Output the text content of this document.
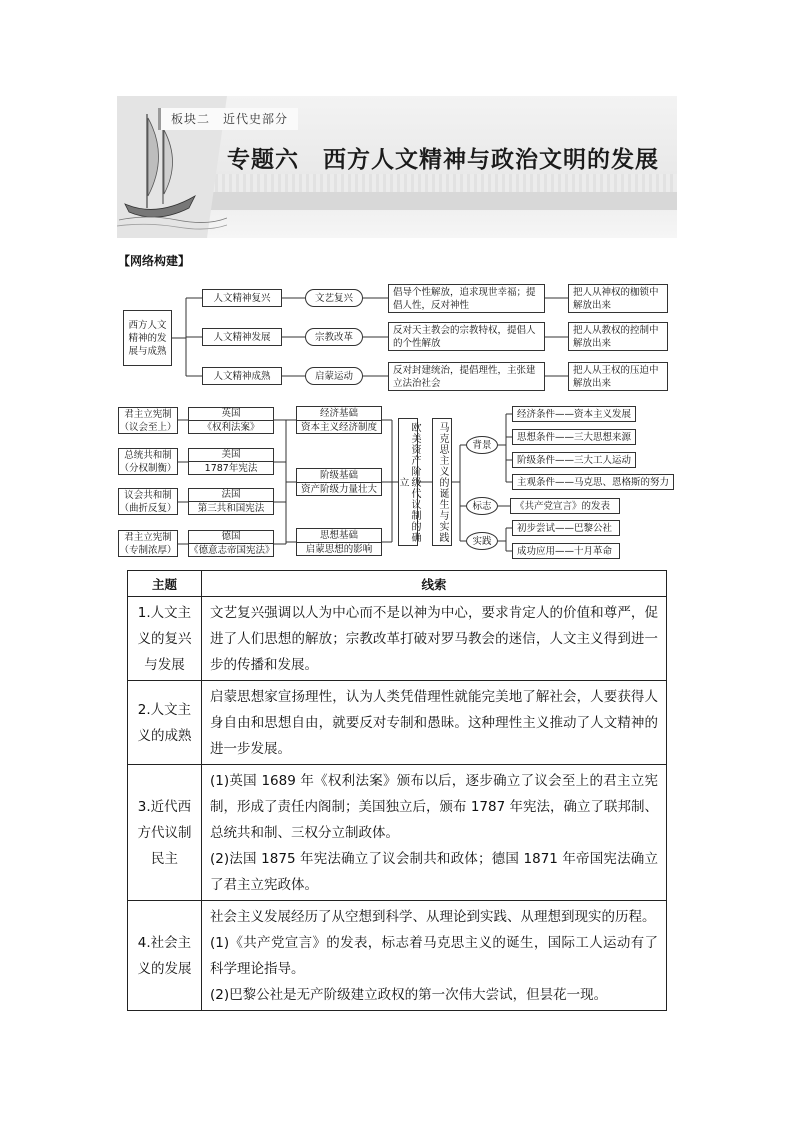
板块二　近代史部分
专题六　西方人文精神与政治文明的发展
【网络构建】
西方人文精神的发展与成熟
人文精神复兴
人文精神发展
人文精神成熟
文艺复兴
宗教改革
启蒙运动
倡导个性解放，追求现世幸福；提倡人性，反对神性
反对天主教会的宗教特权，提倡人的个性解放
反对封建统治，提倡理性，主张建立法治社会
把人从神权的枷锁中解放出来
把人从教权的控制中解放出来
把人从王权的压迫中解放出来
君主立宪制
（议会至上）
总统共和制
（分权制衡）
议会共和制
（曲折反复）
君主立宪制
（专制浓厚）
英国
《权利法案》
美国
1787年宪法
法国
第三共和国宪法
德国
《德意志帝国宪法》
经济基础
资本主义经济制度
阶级基础
资产阶级力量壮大
思想基础
启蒙思想的影响
欧美资产阶级代议制的确立	马克思主义的诞生与实践	背景
标志
实践
经济条件——资本主义发展
思想条件——三大思想来源
阶级条件——三大工人运动
主观条件——马克思、恩格斯的努力
《共产党宣言》的发表
初步尝试——巴黎公社
成功应用——十月革命
主题	线索

1.人文主义的复兴与发展	文艺复兴强调以人为中心而不是以神为中心，要求肯定人的价值和尊严，促进了人们思想的解放；宗教改革打破对罗马教会的迷信，人文主义得到进一步的传播和发展。

2.人文主义的成熟	启蒙思想家宣扬理性，认为人类凭借理性就能完美地了解社会，人要获得人身自由和思想自由，就要反对专制和愚昧。这种理性主义推动了人文精神的进一步发展。

3.近代西方代议制民主	(1)英国 1689 年《权利法案》颁布以后，逐步确立了议会至上的君主立宪制，形成了责任内阁制；美国独立后，颁布 1787 年宪法，确立了联邦制、总统共和制、三权分立制政体。

(2)法国 1875 年宪法确立了议会制共和政体；德国 1871 年帝国宪法确立了君主立宪政体。

4.社会主义的发展	社会主义发展经历了从空想到科学、从理论到实践、从理想到现实的历程。

(1)《共产党宣言》的发表，标志着马克思主义的诞生，国际工人运动有了科学理论指导。

(2)巴黎公社是无产阶级建立政权的第一次伟大尝试，但昙花一现。
